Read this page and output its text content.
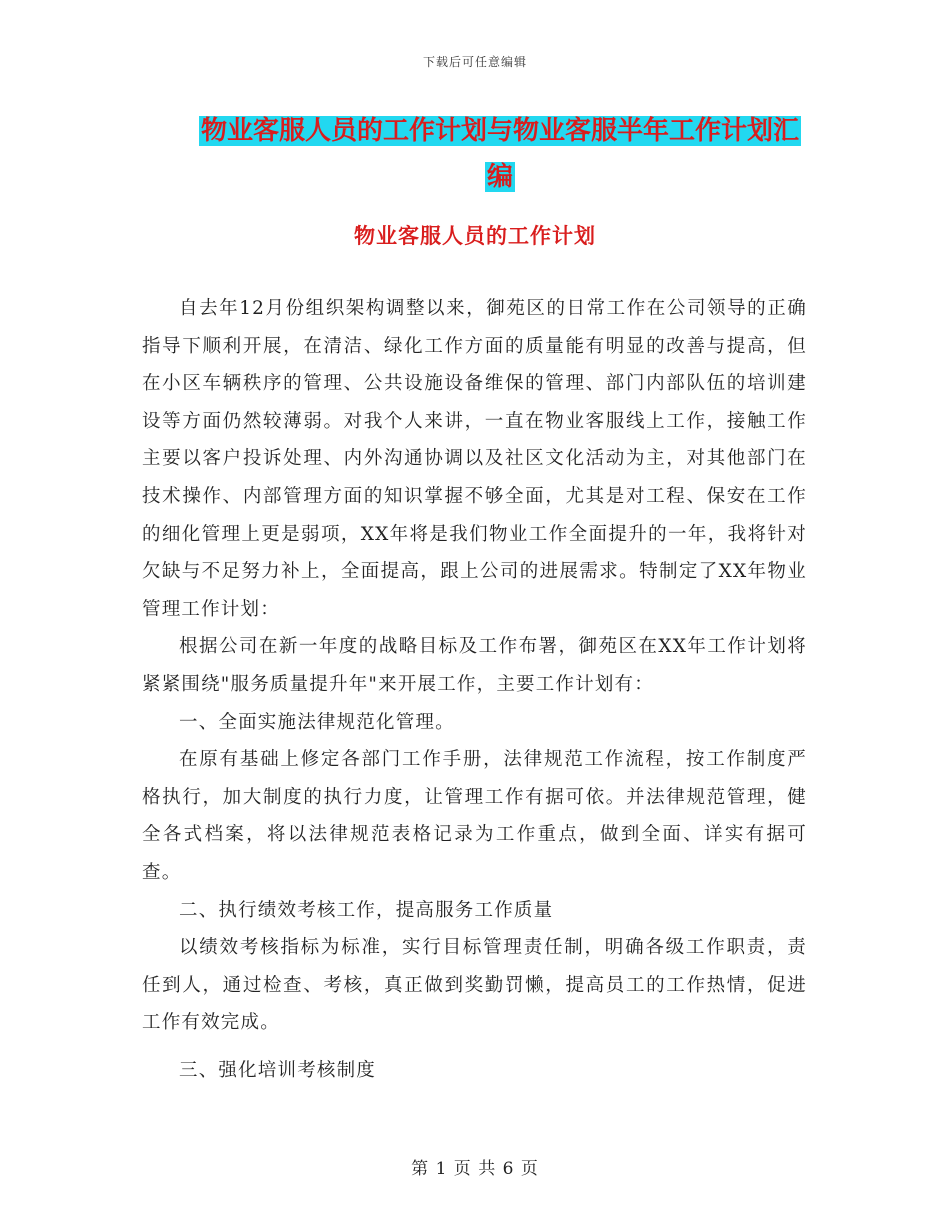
下载后可任意编辑
物业客服人员的工作计划与物业客服半年工作计划汇
编
物业客服人员的工作计划

自去年12月份组织架构调整以来，御苑区的日常工作在公司领导的正确指导下顺利开展，在清洁、绿化工作方面的质量能有明显的改善与提高，但在小区车辆秩序的管理、公共设施设备维保的管理、部门内部队伍的培训建设等方面仍然较薄弱。对我个人来讲，一直在物业客服线上工作，接触工作主要以客户投诉处理、内外沟通协调以及社区文化活动为主，对其他部门在技术操作、内部管理方面的知识掌握不够全面，尤其是对工程、保安在工作的细化管理上更是弱项，XX年将是我们物业工作全面提升的一年，我将针对欠缺与不足努力补上，全面提高，跟上公司的进展需求。特制定了XX年物业管理工作计划：

根据公司在新一年度的战略目标及工作布署，御苑区在XX年工作计划将紧紧围绕"服务质量提升年"来开展工作，主要工作计划有：

一、全面实施法律规范化管理。

在原有基础上修定各部门工作手册，法律规范工作流程，按工作制度严格执行，加大制度的执行力度，让管理工作有据可依。并法律规范管理，健全各式档案，将以法律规范表格记录为工作重点，做到全面、详实有据可查。

二、执行绩效考核工作，提高服务工作质量

以绩效考核指标为标准，实行目标管理责任制，明确各级工作职责，责任到人，通过检查、考核，真正做到奖勤罚懒，提高员工的工作热情，促进工作有效完成。

三、强化培训考核制度

第 1 页 共 6 页
